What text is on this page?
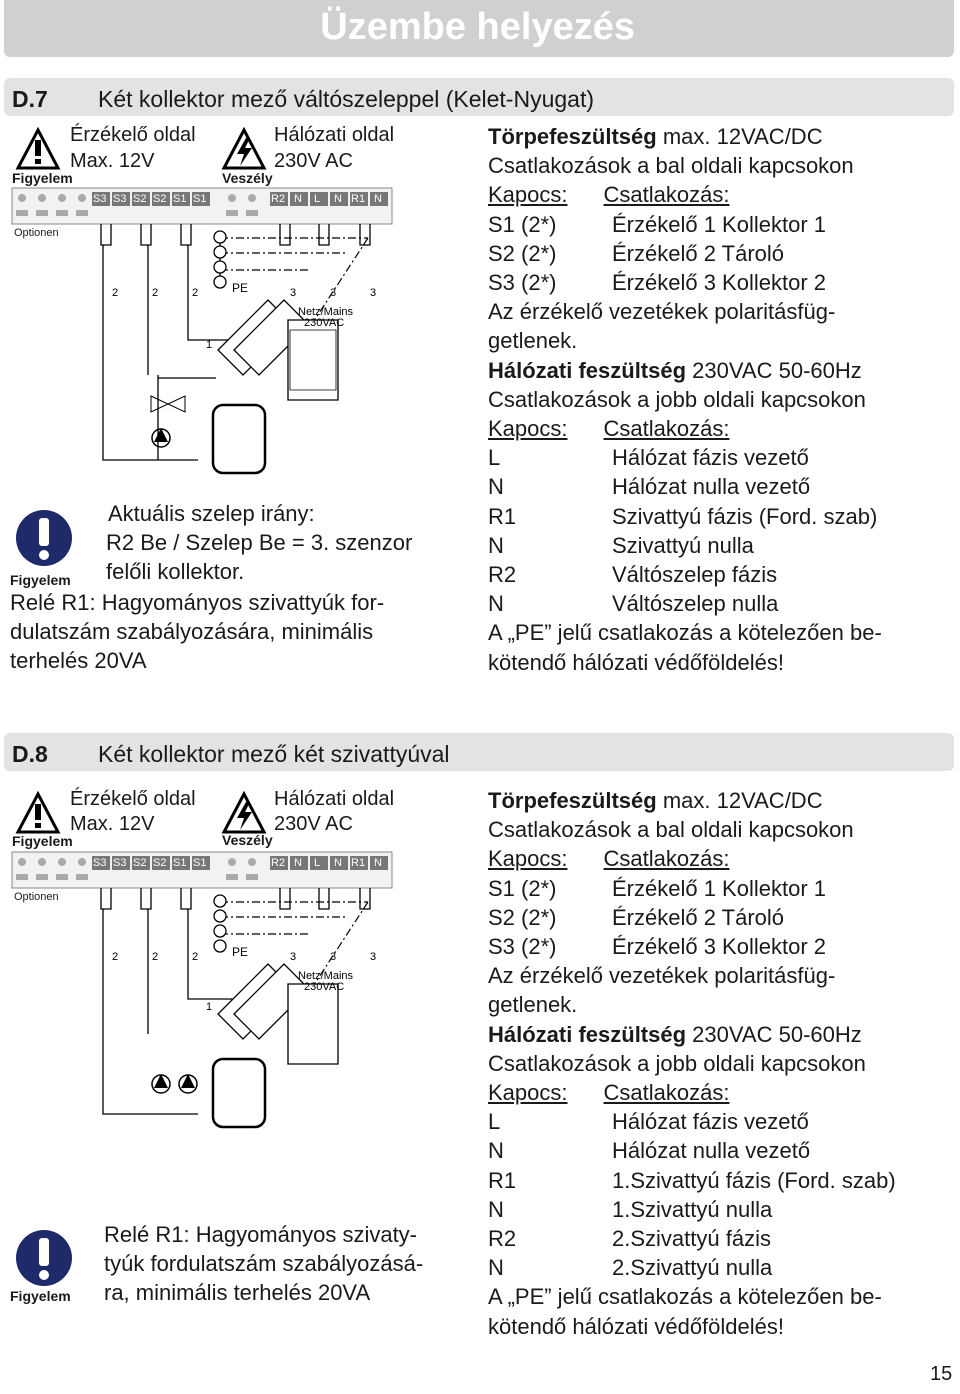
Üzembe helyezés
D.7 Két kollektor mező váltószeleppel (Kelet-Nyugat)
2	2	2	3	3	3
1
PE
Netz/Mains
230VAC
Érzékelő oldal
Max. 12V
Figyelem
Hálózati oldal
230V AC
Veszély
Optionen
S3 S3 S2 S2 S1 S1	R2 N L N R1 N
Figyelem
Aktuális szelep irány:
R2 Be / Szelep Be = 3. szenzor
felőli kollektor.
Relé R1: Hagyományos szivattyúk for-
dulatszám szabályozására, minimális
terhelés 20VA
Törpefeszültség max. 12VAC/DC
Csatlakozások a bal oldali kapcsokon
Kapocs: Csatlakozás:
S1 (2*)	Érzékelő 1 Kollektor 1
S2 (2*)	Érzékelő 2 Tároló
S3 (2*)	Érzékelő 3 Kollektor 2
Az érzékelő vezetékek polaritásfüg-
getlenek.
Hálózati feszültség 230VAC 50-60Hz
Csatlakozások a jobb oldali kapcsokon
Kapocs: Csatlakozás:
L	Hálózat fázis vezető
N	Hálózat nulla vezető
R1	Szivattyú fázis (Ford. szab)
N	Szivattyú nulla
R2	Váltószelep fázis
N	Váltószelep nulla
A „PE” jelű csatlakozás a kötelezően be-
kötendő hálózati védőföldelés!
D.8 Két kollektor mező két szivattyúval
2	2	2	3	3	3
1
PE
Netz/Mains
230VAC
Érzékelő oldal
Max. 12V
Figyelem
Hálózati oldal
230V AC
Veszély
Optionen
S3 S3 S2 S2 S1 S1	R2 N L N R1 N
Figyelem
Relé R1: Hagyományos szivaty-
tyúk fordulatszám szabályozásá-
ra, minimális terhelés 20VA
Törpefeszültség max. 12VAC/DC
Csatlakozások a bal oldali kapcsokon
Kapocs: Csatlakozás:
S1 (2*)	Érzékelő 1 Kollektor 1
S2 (2*)	Érzékelő 2 Tároló
S3 (2*)	Érzékelő 3 Kollektor 2
Az érzékelő vezetékek polaritásfüg-
getlenek.
Hálózati feszültség 230VAC 50-60Hz
Csatlakozások a jobb oldali kapcsokon
Kapocs: Csatlakozás:
L	Hálózat fázis vezető
N	Hálózat nulla vezető
R1	1.Szivattyú fázis (Ford. szab)
N	1.Szivattyú nulla
R2	2.Szivattyú fázis
N	2.Szivattyú nulla
A „PE” jelű csatlakozás a kötelezően be-
kötendő hálózati védőföldelés!
15
